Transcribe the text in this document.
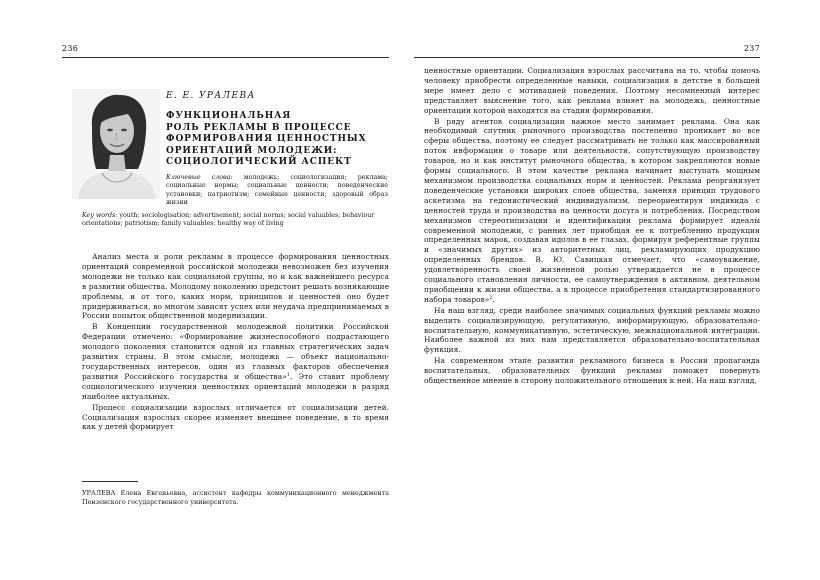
236
Е. Е. УРАЛЕВА
ФУНКЦИОНАЛЬНАЯ
РОЛЬ РЕКЛАМЫ В ПРОЦЕССЕ
ФОРМИРОВАНИЯ ЦЕННОСТНЫХ
ОРИЕНТАЦИЙ МОЛОДЕЖИ:
СОЦИОЛОГИЧЕСКИЙ АСПЕКТ
Ключевые слова: молодежь; социологизация; реклама; социальные нормы; социальные ценности; поведенческие установки; патриотизм; семейные ценности; здоровый образ жизни
Key words: youth; sociologisation; advertisement; social norms; social valuables; behaviour orientations; patriotism; family valuables; healthy way of living

Анализ места и роли рекламы в процессе формирования ценностных ориентаций современной российской молодежи невозможен без изучения молодежи не только как социальной группы, но и как важнейшего ресурса в развитии общества. Молодому поколению предстоит решать возникающие проблемы, и от того, каких норм, принципов и ценностей оно будет придерживаться, во многом зависят успех или неудача предпринимаемых в России попыток общественной модернизации.

В Концепции государственной молодежной политики Российской Федерации отмечено: «Формирование жизнеспособного подрастающего молодого поколения становится одной из главных стратегических задач развития страны. В этом смысле, молодежь — объект национально-государственных интересов, один из главных факторов обеспечения развития Российского государства и общества»$^1$. Это ставит проблему социологического изучения ценностных ориентаций молодежи в разряд наиболее актуальных.

Процесс социализации взрослых отличается от социализации детей. Социализация взрослых скорее изменяет внешнее поведение, в то время как у детей формирует

УРАЛЕВА Елена Евгеньевна, ассистент кафедры коммуникационного менеджмента Пензенского государственного университета.
237

ценностные ориентации. Социализация взрослых рассчитана на то, чтобы помочь человеку приобрести определенные навыки, социализация в детстве в большей мере имеет дело с мотивацией поведения. Поэтому несомненный интерес представляет выяснение того, как реклама влияет на молодежь, ценностные ориентации которой находятся на стадии формирования.

В ряду агентов социализации важное место занимает реклама. Она как необходимый спутник рыночного производства постепенно проникает во все сферы общества, поэтому ее следует рассматривать не только как массированный поток информации о товаре или деятельности, сопутствующую производству товаров, но и как институт рыночного общества, в котором закрепляются новые формы социального. В этом качестве реклама начинает выступать мощным механизмом производства социальных норм и ценностей. Реклама реорганизует поведенческие установки широких слоев общества, заменяя принцип трудового аскетизма на гедонистический индивидуализм, переориентируя индивида с ценностей труда и производства на ценности досуга и потребления. Посредством механизмов стереотипизации и идентификации реклама формирует идеалы современной молодежи, с ранних лет приобщая ее к потреблению продукции определенных марок, создавая идолов в ее глазах, формируя референтные группы и «значимых других» из авторитетных лиц, рекламирующих продукцию определенных брендов. В. Ю. Савицкая отмечает, что «самоуважение, удовлетворенность своей жизненной ролью утверждается не в процессе социального становления личности, ее самоутверждения в активном, деятельном приобщении к жизни общества, а в процессе приобретения стандартизированного набора товаров»$^2$.

На наш взгляд, среди наиболее значимых социальных функций рекламы можно выделить социализирующую, регулятивную, информирующую, образовательно-воспитательную, коммуникативную, эстетическую, межнациональной интеграции. Наиболее важной из них нам представляется образовательно-воспитательная функция.

На современном этапе развития рекламного бизнеса в России пропаганда воспитательных, образовательных функций рекламы поможет повернуть общественное мнение в сторону положительного отношения к ней. На наш взгляд,
